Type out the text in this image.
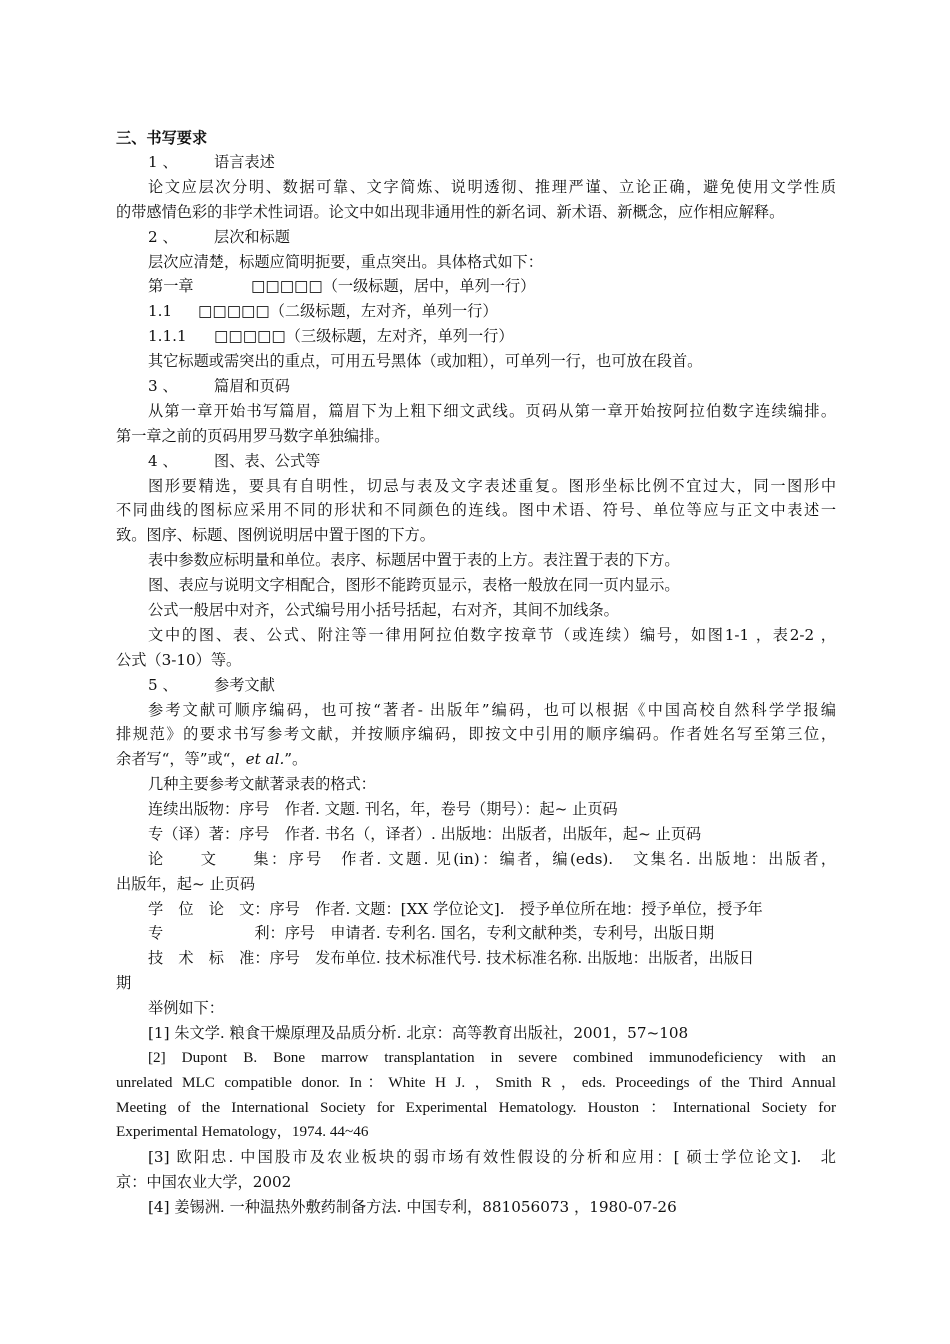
三、书写要求
1 、 语言表述
论文应层次分明、数据可靠、文字简炼、说明透彻、推理严谨、立论正确，避免使用文学性质
的带感情色彩的非学术性词语。论文中如出现非通用性的新名词、新术语、新概念，应作相应解释。
2 、 层次和标题
层次应清楚，标题应简明扼要，重点突出。具体格式如下：
第一章	□□□□□（一级标题，居中，单列一行）
1.1 □□□□□（二级标题，左对齐，单列一行）
1.1.1 □□□□□（三级标题，左对齐，单列一行）
其它标题或需突出的重点，可用五号黑体（或加粗），可单列一行，也可放在段首。
3 、 篇眉和页码
从第一章开始书写篇眉，篇眉下为上粗下细文武线。页码从第一章开始按阿拉伯数字连续编排。
第一章之前的页码用罗马数字单独编排。
4 、 图、表、公式等
图形要精选，要具有自明性，切忌与表及文字表述重复。图形坐标比例不宜过大，同一图形中
不同曲线的图标应采用不同的形状和不同颜色的连线。图中术语、符号、单位等应与正文中表述一
致。图序、标题、图例说明居中置于图的下方。
表中参数应标明量和单位。表序、标题居中置于表的上方。表注置于表的下方。
图、表应与说明文字相配合，图形不能跨页显示，表格一般放在同一页内显示。
公式一般居中对齐，公式编号用小括号括起，右对齐，其间不加线条。
文中的图、表、公式、附注等一律用阿拉伯数字按章节（或连续）编号，如图1-1 ，表2-2 ，
公式（3-10）等。
5 、 参考文献
参考文献可顺序编码，也可按“著者- 出版年”编码，也可以根据《中国高校自然科学学报编
排规范》的要求书写参考文献，并按顺序编码，即按文中引用的顺序编码。作者姓名写至第三位，
余者写“，等”或“，et al.”。
几种主要参考文献著录表的格式：
连续出版物：序号　作者. 文题. 刊名，年，卷号（期号）：起~ 止页码
专（译）著：序号　作者. 书名（，译者）. 出版地：出版者，出版年，起~ 止页码
论　　文　　集：序号　作者. 文题. 见(in)：编者，编(eds).　文集名. 出版地：出版者，
出版年，起~ 止页码
学　位　论　文：序号　作者. 文题：[XX 学位论文].　授予单位所在地：授予单位，授予年
专　　　　　　利：序号　申请者. 专利名. 国名，专利文献种类，专利号，出版日期
技　术　标　准：序号　发布单位. 技术标准代号. 技术标准名称. 出版地：出版者，出版日
期
举例如下：
[1] 朱文学. 粮食干燥原理及品质分析. 北京：高等教育出版社，2001，57~108
[2] Dupont B. Bone marrow transplantation in severe combined immunodeficiency with an
unrelated MLC compatible donor. In：White H J. ，Smith R ，eds. Proceedings of the Third Annual
Meeting of the International Society for Experimental Hematology. Houston ：International Society for
Experimental Hematology，1974. 44~46
[3] 欧阳忠. 中国股市及农业板块的弱市场有效性假设的分析和应用：[ 硕士学位论文].　北
京：中国农业大学，2002
[4] 姜锡洲. 一种温热外敷药制备方法. 中国专利，881056073 ，1980-07-26
